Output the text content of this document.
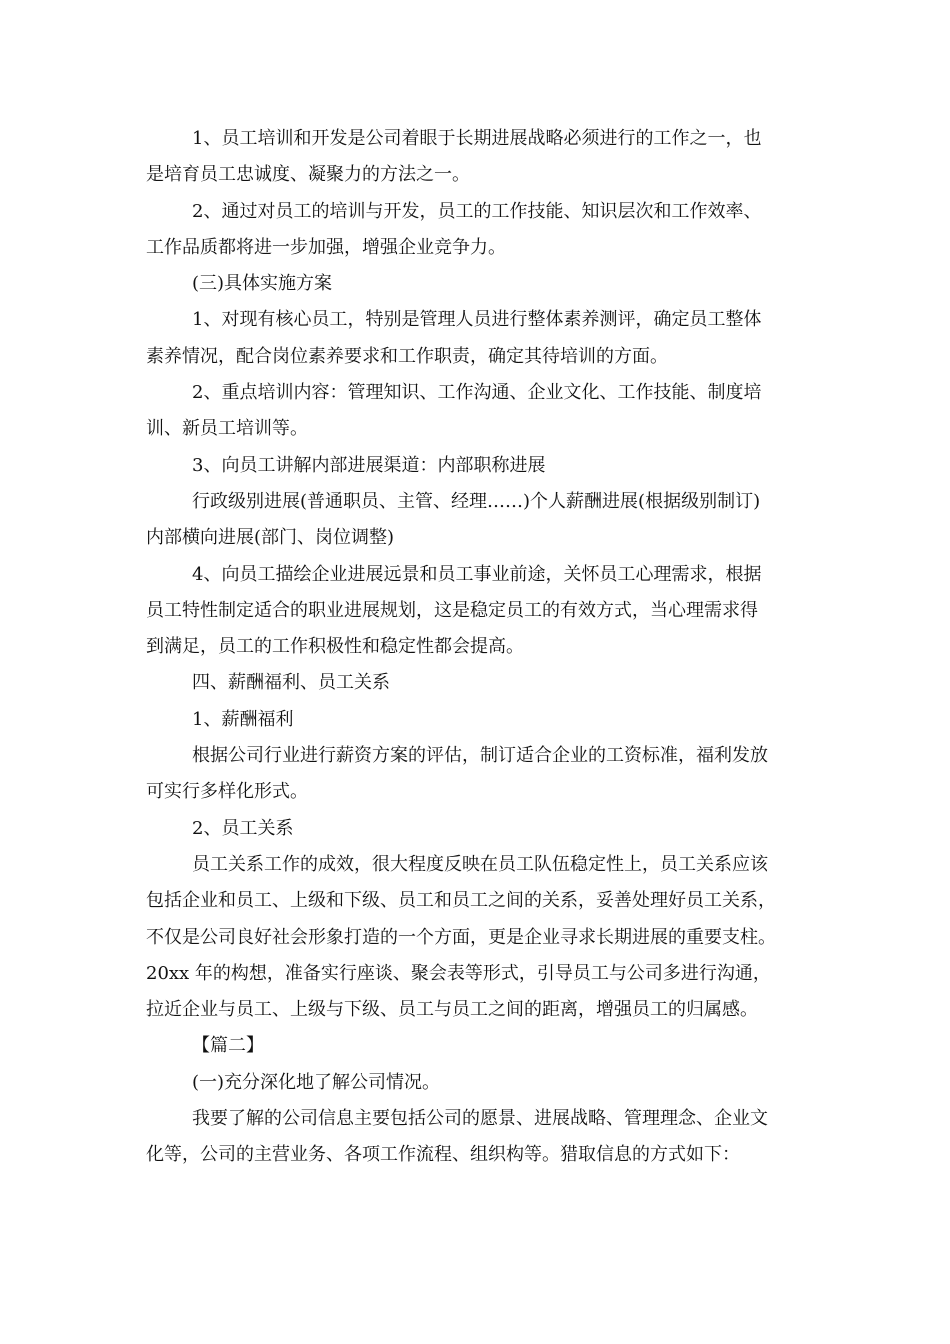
1、员工培训和开发是公司着眼于长期进展战略必须进行的工作之一，也
是培育员工忠诚度、凝聚力的方法之一。
2、通过对员工的培训与开发，员工的工作技能、知识层次和工作效率、
工作品质都将进一步加强，增强企业竞争力。
(三)具体实施方案
1、对现有核心员工，特别是管理人员进行整体素养测评，确定员工整体
素养情况，配合岗位素养要求和工作职责，确定其待培训的方面。
2、重点培训内容：管理知识、工作沟通、企业文化、工作技能、制度培
训、新员工培训等。
3、向员工讲解内部进展渠道：内部职称进展
行政级别进展(普通职员、主管、经理……)个人薪酬进展(根据级别制订)
内部横向进展(部门、岗位调整)
4、向员工描绘企业进展远景和员工事业前途，关怀员工心理需求，根据
员工特性制定适合的职业进展规划，这是稳定员工的有效方式，当心理需求得
到满足，员工的工作积极性和稳定性都会提高。
四、薪酬福利、员工关系
1、薪酬福利
根据公司行业进行薪资方案的评估，制订适合企业的工资标准，福利发放
可实行多样化形式。
2、员工关系
员工关系工作的成效，很大程度反映在员工队伍稳定性上，员工关系应该
包括企业和员工、上级和下级、员工和员工之间的关系，妥善处理好员工关系，
不仅是公司良好社会形象打造的一个方面，更是企业寻求长期进展的重要支柱。
20xx 年的构想，准备实行座谈、聚会表等形式，引导员工与公司多进行沟通，
拉近企业与员工、上级与下级、员工与员工之间的距离，增强员工的归属感。
【篇二】
(一)充分深化地了解公司情况。
我要了解的公司信息主要包括公司的愿景、进展战略、管理理念、企业文
化等，公司的主营业务、各项工作流程、组织构等。猎取信息的方式如下：
